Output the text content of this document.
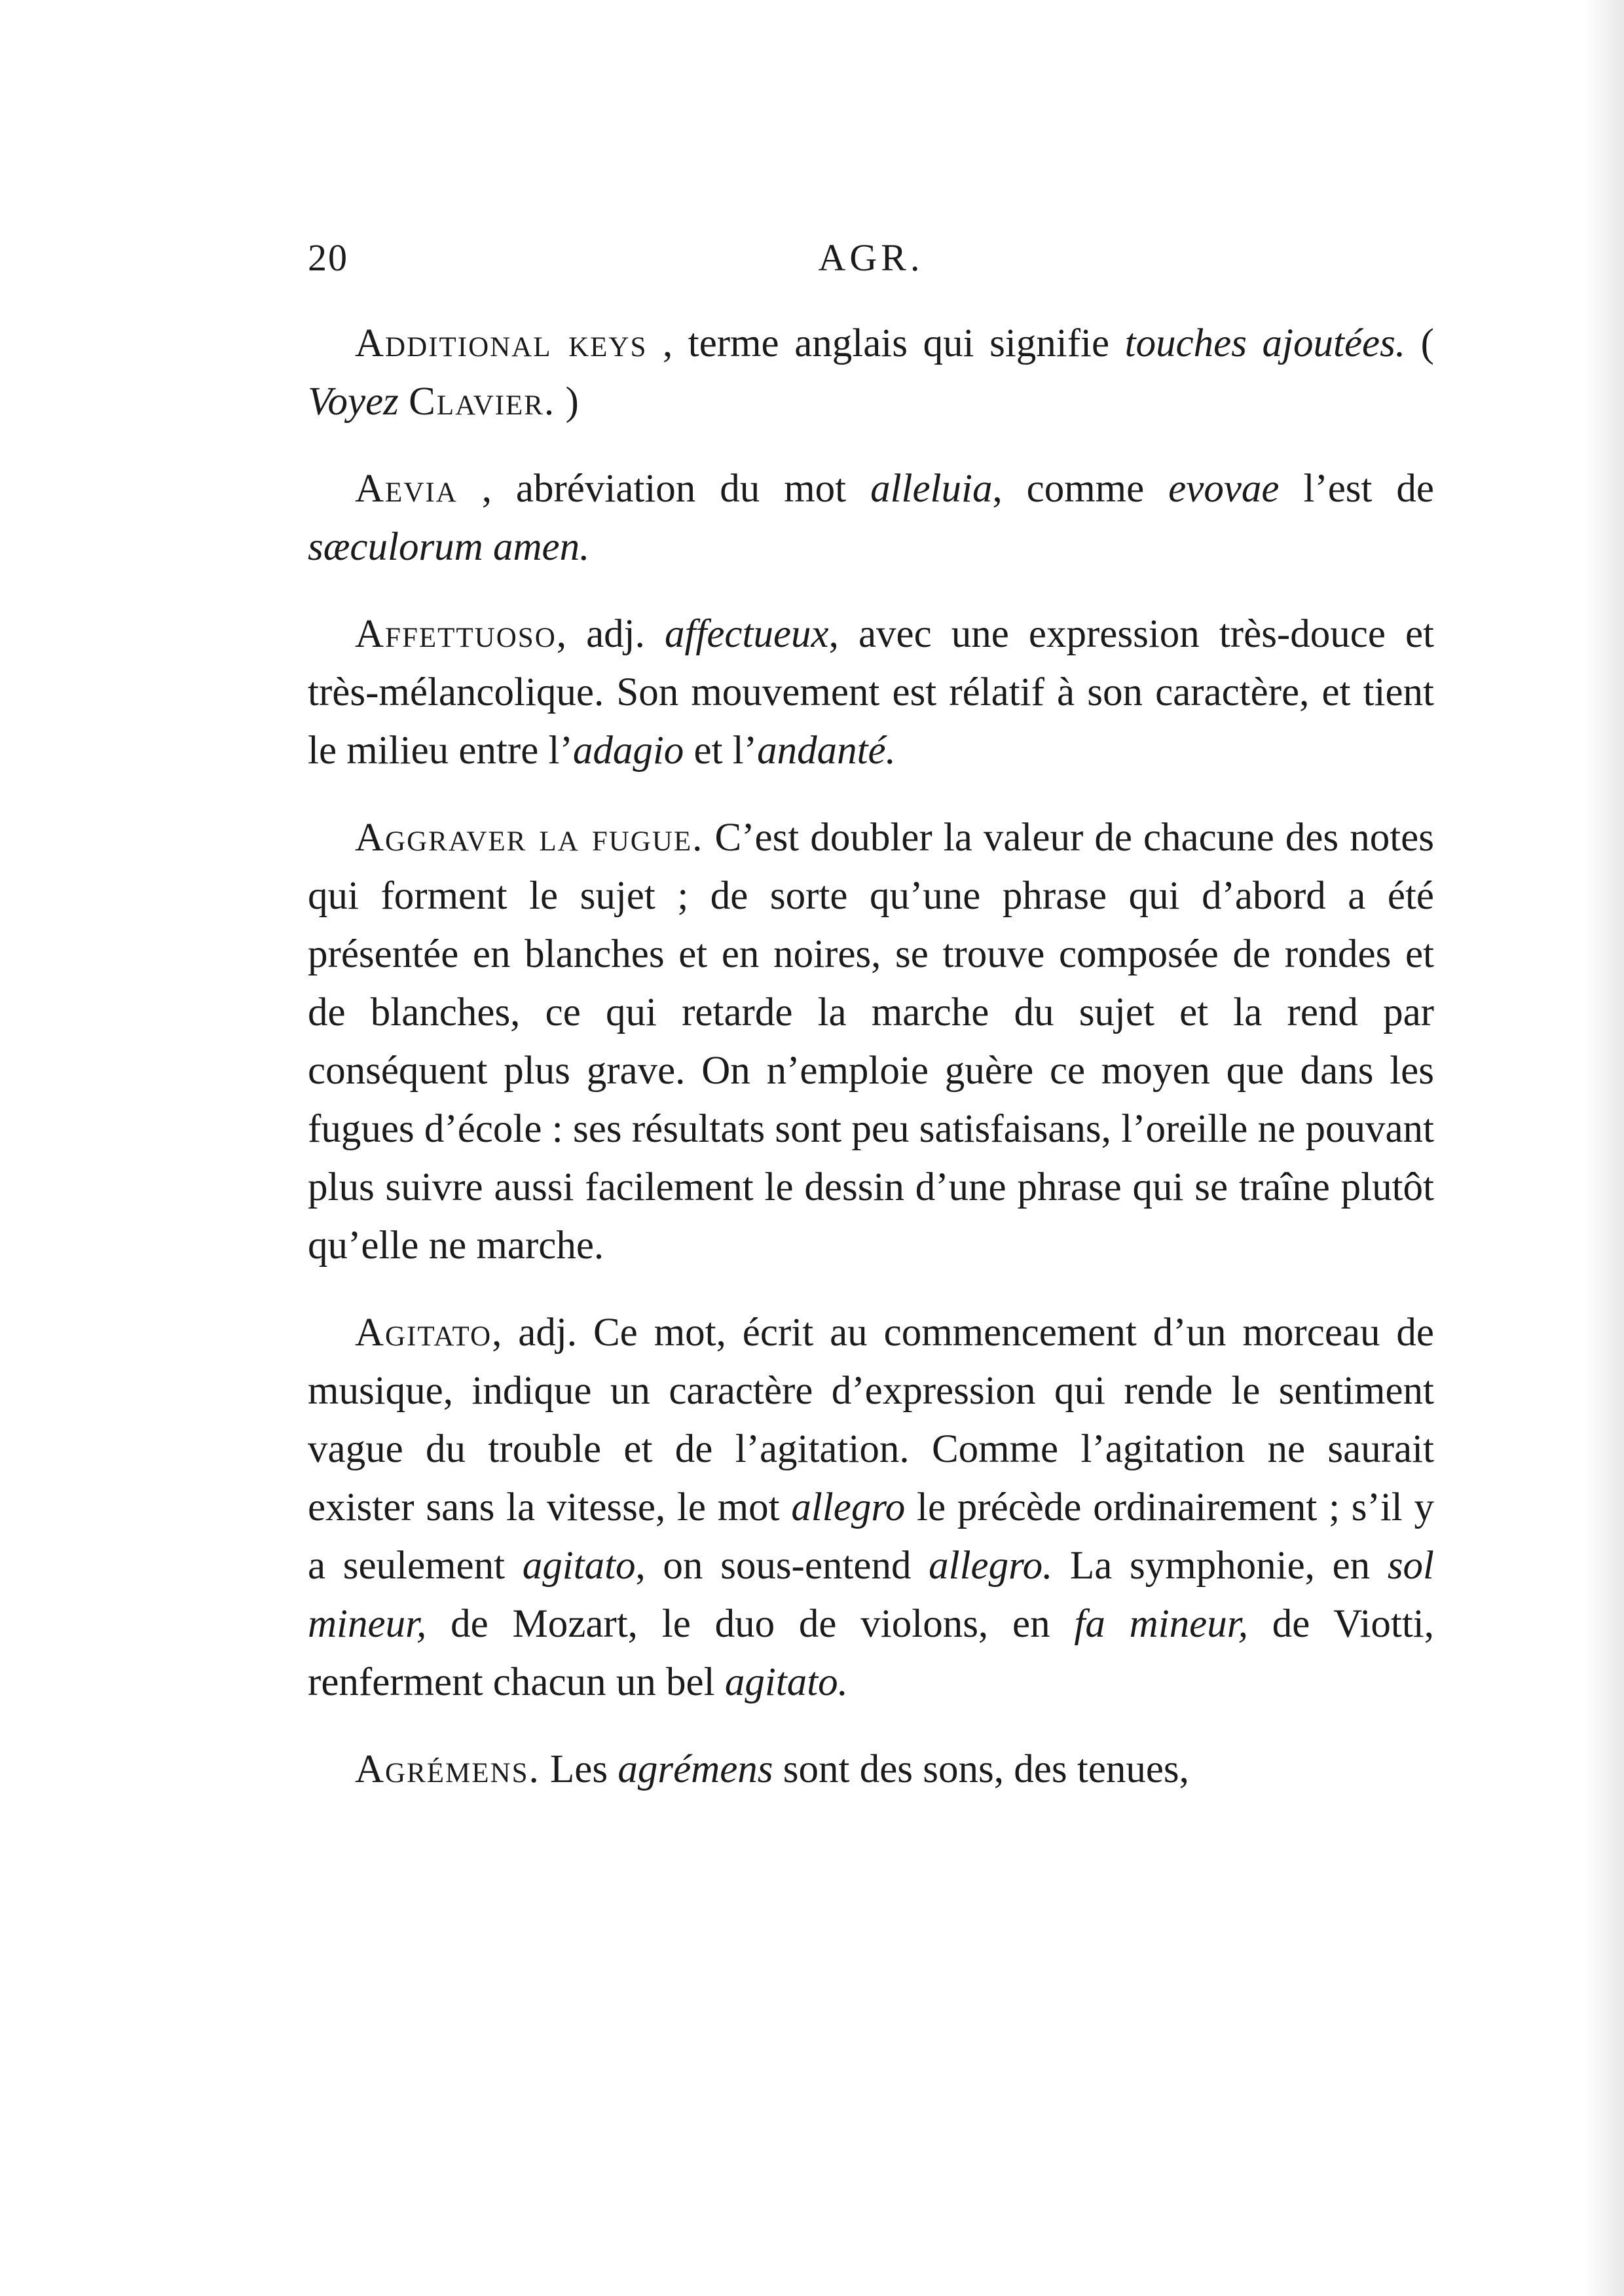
20	AGR.

Additional keys , terme anglais qui signifie touches ajoutées. ( Voyez Clavier. )

Aevia , abréviation du mot alleluia, comme evovae l’est de sæculorum amen.

Affettuoso, adj. affectueux, avec une expression très-douce et très-mélancolique. Son mouvement est rélatif à son caractère, et tient le milieu entre l’adagio et l’andanté.

Aggraver la fugue. C’est doubler la valeur de chacune des notes qui forment le sujet ; de sorte qu’une phrase qui d’abord a été présentée en blanches et en noires, se trouve composée de rondes et de blanches, ce qui retarde la marche du sujet et la rend par conséquent plus grave. On n’emploie guère ce moyen que dans les fugues d’école : ses résultats sont peu satisfaisans, l’oreille ne pouvant plus suivre aussi facilement le dessin d’une phrase qui se traîne plutôt qu’elle ne marche.

Agitato, adj. Ce mot, écrit au commencement d’un morceau de musique, indique un caractère d’expression qui rende le sentiment vague du trouble et de l’agitation. Comme l’agitation ne saurait exister sans la vitesse, le mot allegro le précède ordinairement ; s’il y a seulement agitato, on sous-entend allegro. La symphonie, en sol mineur, de Mozart, le duo de violons, en fa mineur, de Viotti, renferment chacun un bel agitato.

Agrémens. Les agrémens sont des sons, des tenues,
